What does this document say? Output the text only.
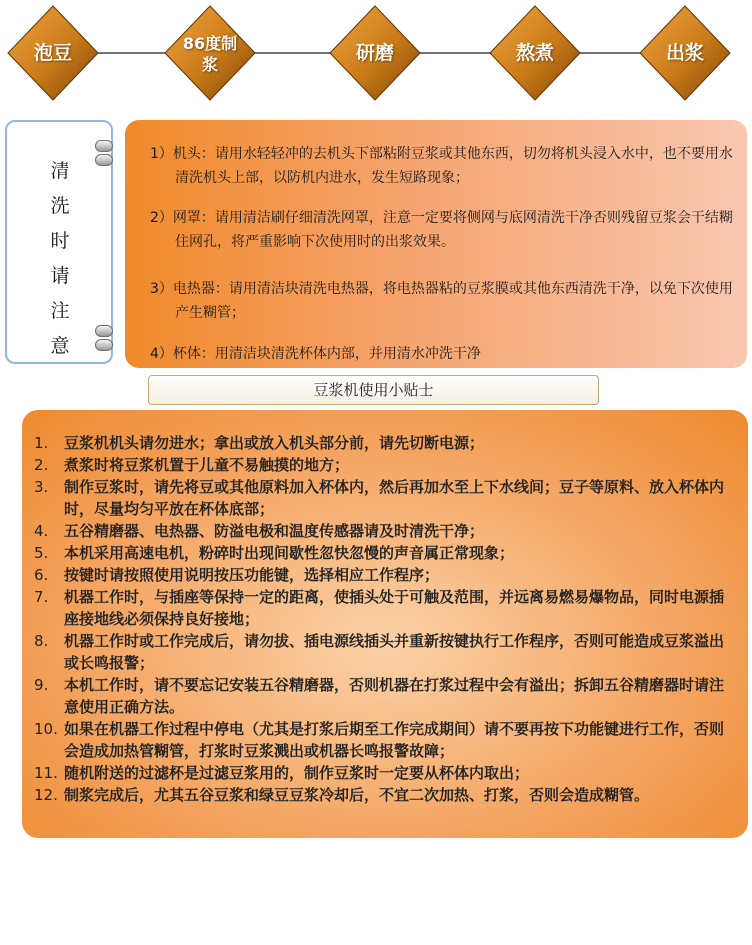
泡豆	86度制浆
研磨	熬煮	出浆
清
洗
时
请
注
意
1）机头：请用水轻轻冲的去机头下部粘附豆浆或其他东西，切勿将机头浸入水中，也不要用水清洗机头上部，以防机内进水，发生短路现象；
2）网罩：请用清洁刷仔细清洗网罩，注意一定要将侧网与底网清洗干净否则残留豆浆会干结糊住网孔，将严重影响下次使用时的出浆效果。
3）电热器：请用清洁块清洗电热器，将电热器粘的豆浆膜或其他东西清洗干净，以免下次使用产生糊管；
4）杯体：用清洁块清洗杯体内部，并用清水冲洗干净
豆浆机使用小贴士
1. 豆浆机机头请勿进水；拿出或放入机头部分前，请先切断电源；
2. 煮浆时将豆浆机置于儿童不易触摸的地方；
3. 制作豆浆时，请先将豆或其他原料加入杯体内，然后再加水至上下水线间；豆子等原料、放入杯体内时，尽量均匀平放在杯体底部；
4. 五谷精磨器、电热器、防溢电极和温度传感器请及时清洗干净；
5. 本机采用高速电机，粉碎时出现间歇性忽快忽慢的声音属正常现象；
6. 按键时请按照使用说明按压功能键，选择相应工作程序；
7. 机器工作时，与插座等保持一定的距离，使插头处于可触及范围，并远离易燃易爆物品，同时电源插座接地线必须保持良好接地；
8. 机器工作时或工作完成后，请勿拔、插电源线插头并重新按键执行工作程序，否则可能造成豆浆溢出或长鸣报警；
9. 本机工作时，请不要忘记安装五谷精磨器，否则机器在打浆过程中会有溢出；拆卸五谷精磨器时请注意使用正确方法。
10. 如果在机器工作过程中停电（尤其是打浆后期至工作完成期间）请不要再按下功能键进行工作，否则会造成加热管糊管，打浆时豆浆溅出或机器长鸣报警故障；
11. 随机附送的过滤杯是过滤豆浆用的，制作豆浆时一定要从杯体内取出；
12. 制浆完成后，尤其五谷豆浆和绿豆豆浆冷却后，不宜二次加热、打浆，否则会造成糊管。
